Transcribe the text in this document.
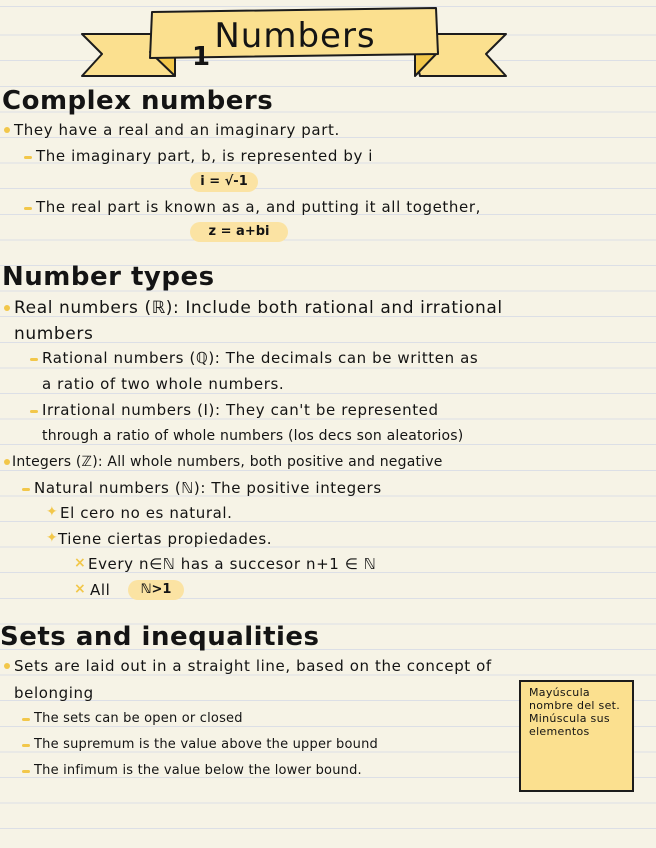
1
Numbers
Complex numbers
They have a real and an imaginary part.
The imaginary part, b, is represented by i
i = √-1
The real part is known as a, and putting it all together,
z = a+bi
Number types
Real numbers (ℝ): Include both rational and irrational
numbers
Rational numbers (ℚ): The decimals can be written as
a ratio of two whole numbers.
Irrational numbers (I): They can't be represented
through a ratio of whole numbers (los decs son aleatorios)
Integers (ℤ): All whole numbers, both positive and negative
Natural numbers (ℕ): The positive integers
✦ El cero no es natural.
✦ Tiene ciertas propiedades.
× Every n∈ℕ has a succesor n+1 ∈ ℕ
× All	ℕ>1
Sets and inequalities
Sets are laid out in a straight line, based on the concept of
belonging
The sets can be open or closed
The supremum is the value above the upper bound
The infimum is the value below the lower bound.
Mayúscula nombre del set. Minúscula sus elementos
